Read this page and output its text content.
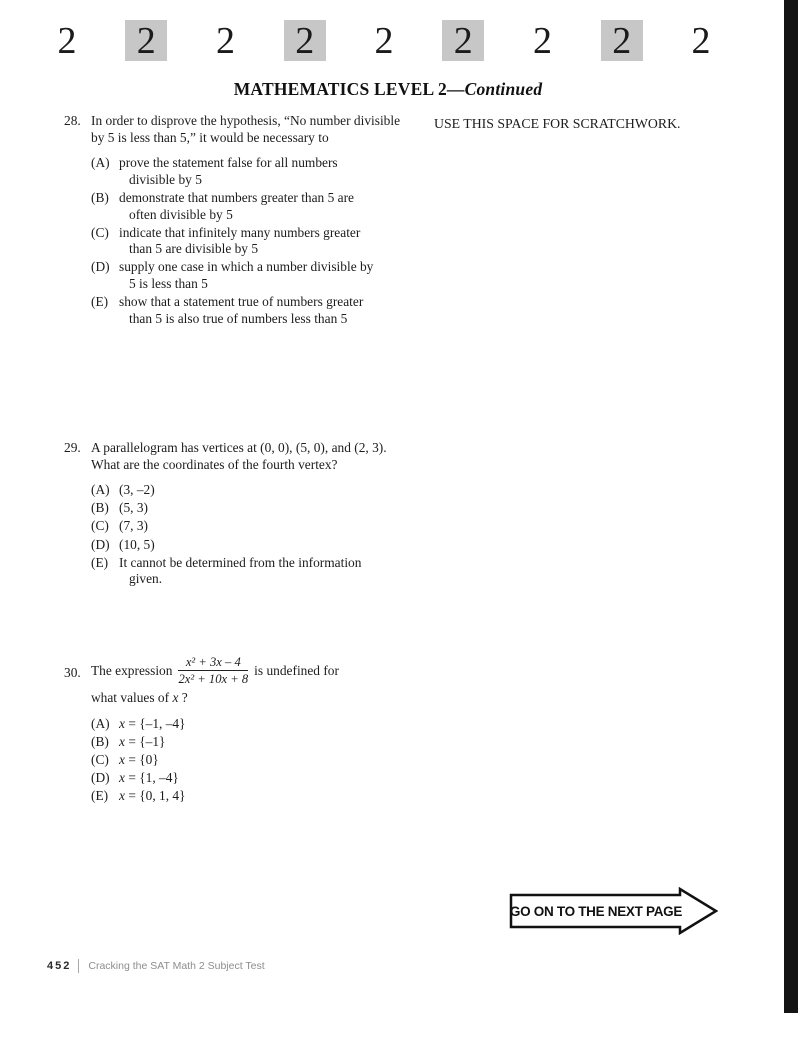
2	2	2	2	2	2	2	2	2
MATHEMATICS LEVEL 2—Continued
USE THIS SPACE FOR SCRATCHWORK.
28. In order to disprove the hypothesis, “No number divisible by 5 is less than 5,” it would be necessary to
(A) prove the statement false for all numbers divisible by 5
(B) demonstrate that numbers greater than 5 are often divisible by 5
(C) indicate that infinitely many numbers greater than 5 are divisible by 5
(D) supply one case in which a number divisible by 5 is less than 5
(E) show that a statement true of numbers greater than 5 is also true of numbers less than 5
29. A parallelogram has vertices at (0, 0), (5, 0), and (2, 3). What are the coordinates of the fourth vertex?
(A) (3, –2)
(B) (5, 3)
(C) (7, 3)
(D) (10, 5)
(E) It cannot be determined from the information given.
30. The expression $\frac{\text{x² + 3x – 4}}{\text{2x² + 10x + 8}}$ is undefined for
what values of x ?
(A) x = {–1, –4}
(B) x = {–1}
(C) x = {0}
(D) x = {1, –4}
(E) x = {0, 1, 4}
GO ON TO THE NEXT PAGE
452 Cracking the SAT Math 2 Subject Test
